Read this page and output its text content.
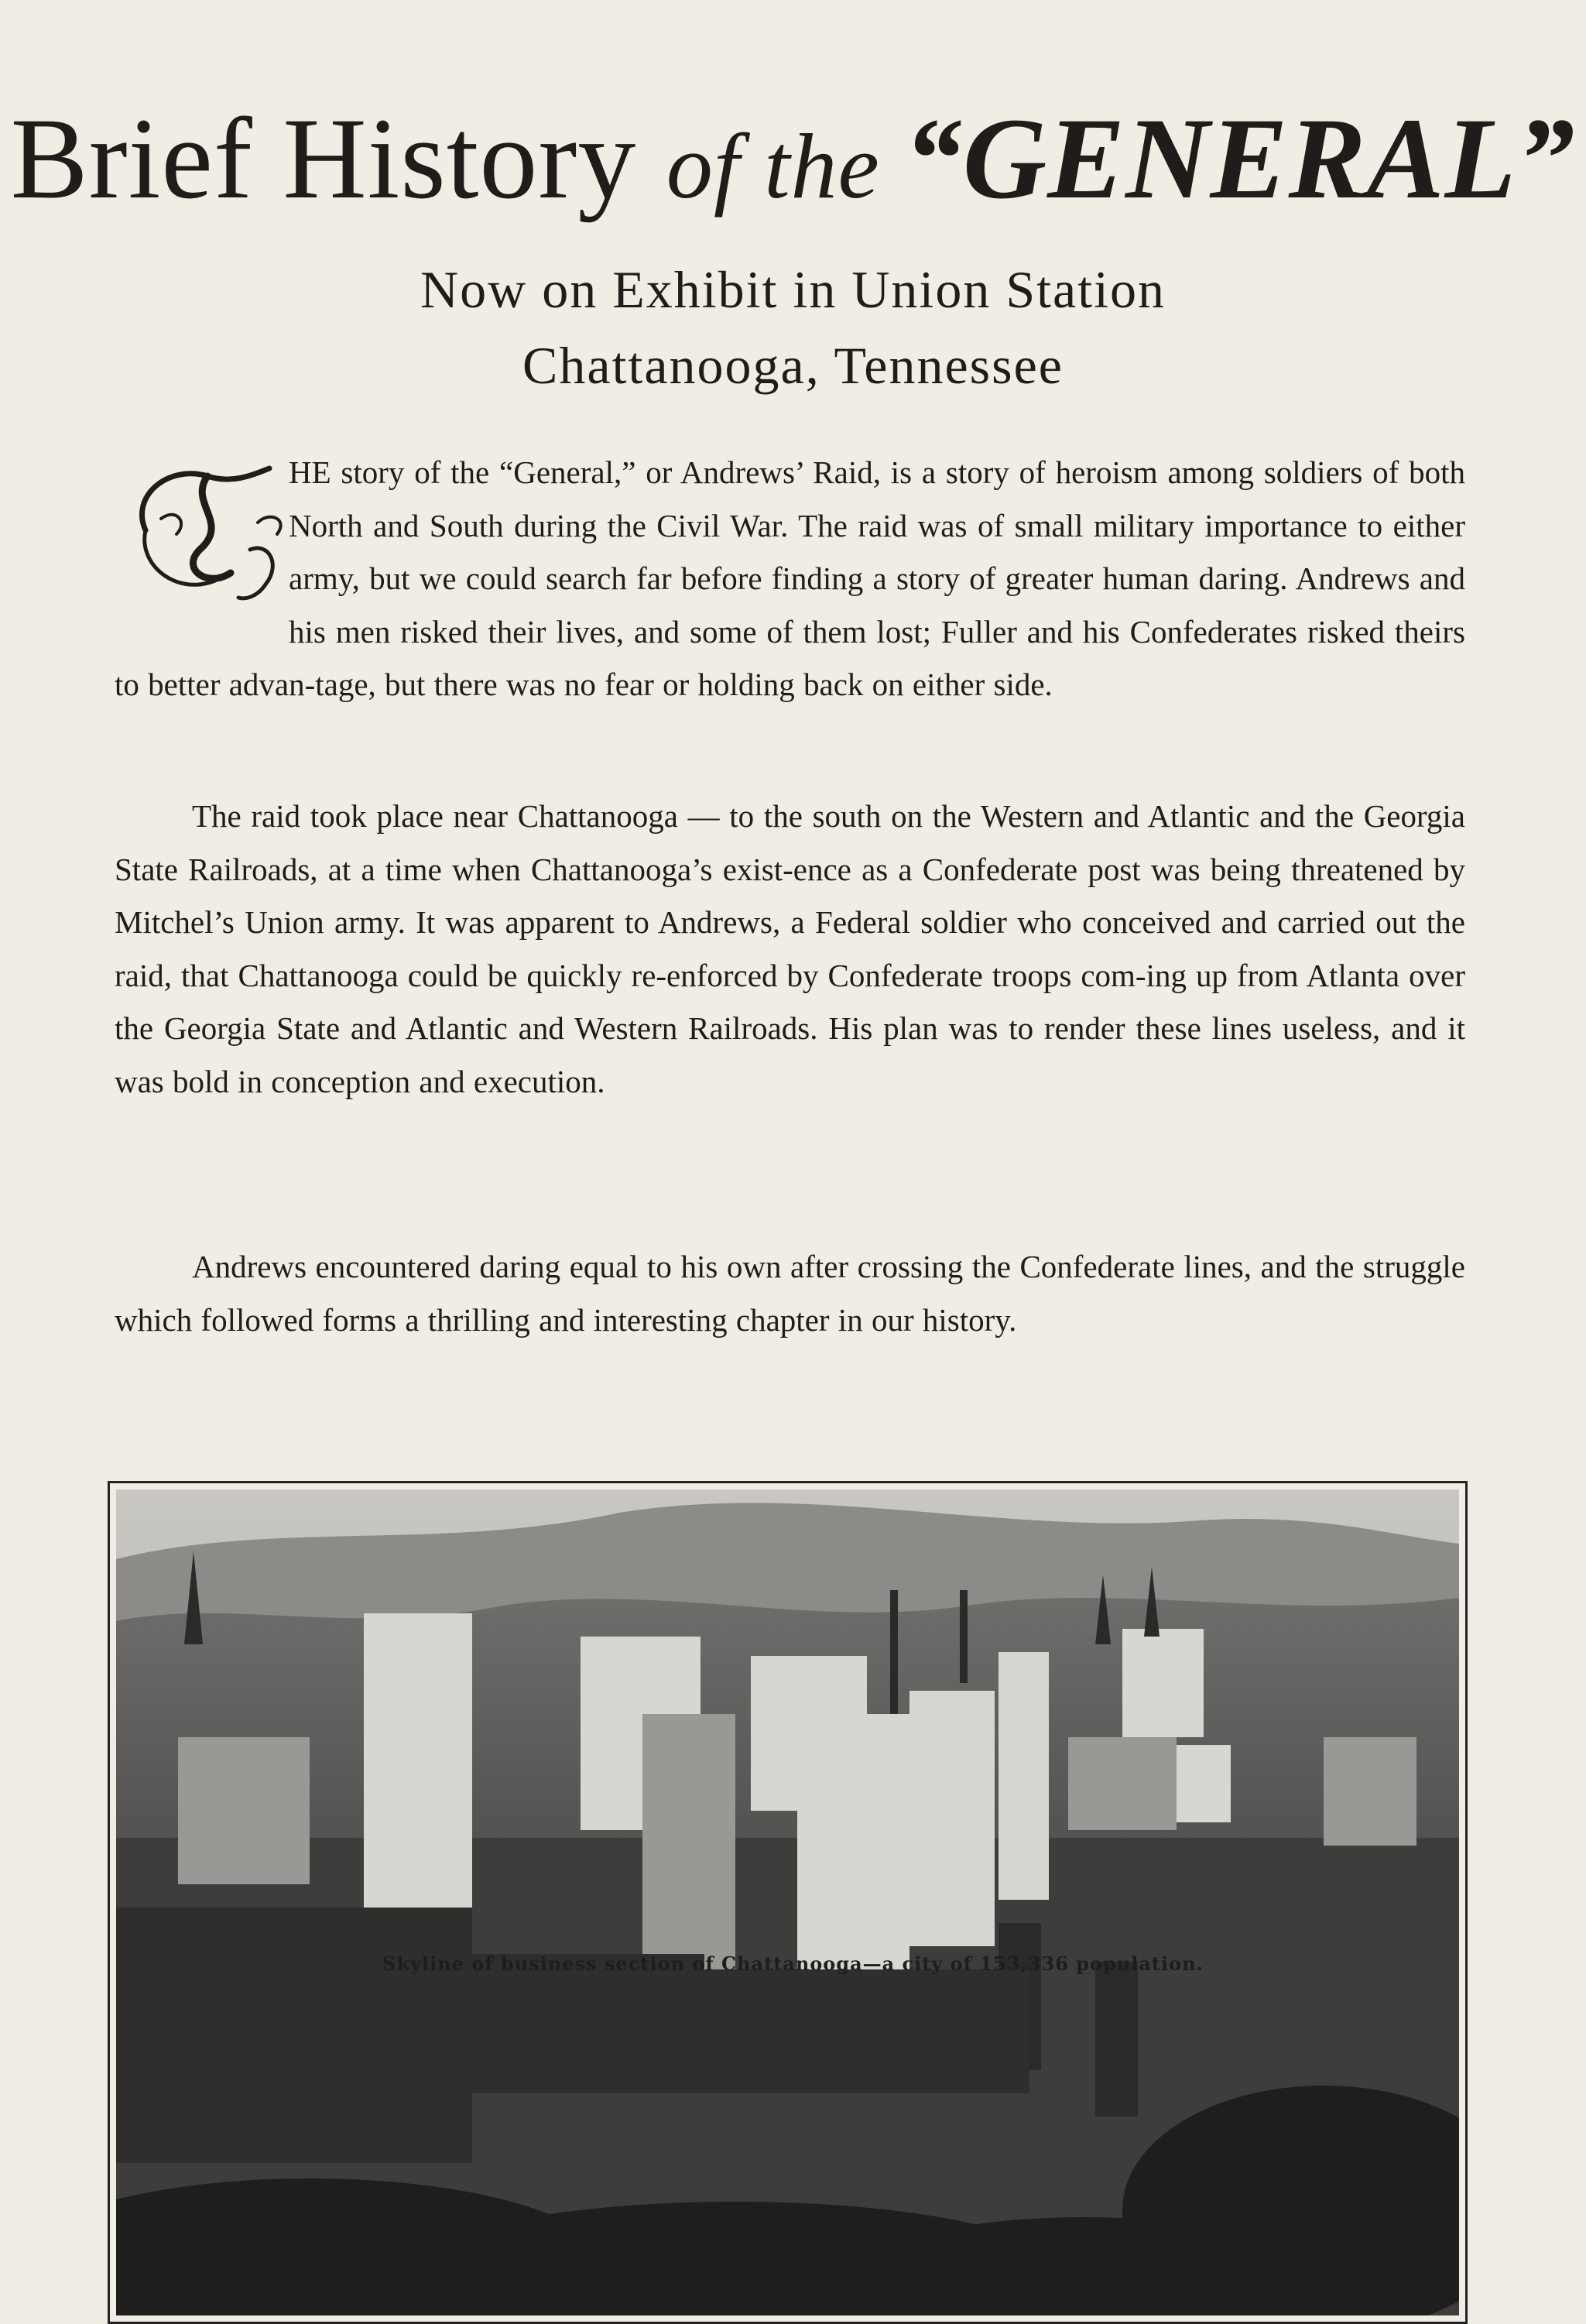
Brief History of the “GENERAL”
Now on Exhibit in Union Station
Chattanooga, Tennessee
HE story of the “General,” or Andrews’ Raid, is a story of heroism among soldiers of both North and South during the Civil War. The raid was of small military importance to either army, but we could search far before finding a story of greater human daring. Andrews and his men risked their lives, and some of them lost; Fuller and his Confederates risked theirs to better advan-tage, but there was no fear or holding back on either side.
The raid took place near Chattanooga — to the south on the Western and Atlantic and the Georgia State Railroads, at a time when Chattanooga’s exist-ence as a Confederate post was being threatened by Mitchel’s Union army. It was apparent to Andrews, a Federal soldier who conceived and carried out the raid, that Chattanooga could be quickly re-enforced by Confederate troops com-ing up from Atlanta over the Georgia State and Atlantic and Western Railroads. His plan was to render these lines useless, and it was bold in conception and execution.
Andrews encountered daring equal to his own after crossing the Confederate lines, and the struggle which followed forms a thrilling and interesting chapter in our history.
Skyline of business section of Chattanooga—a city of 153,336 population.
